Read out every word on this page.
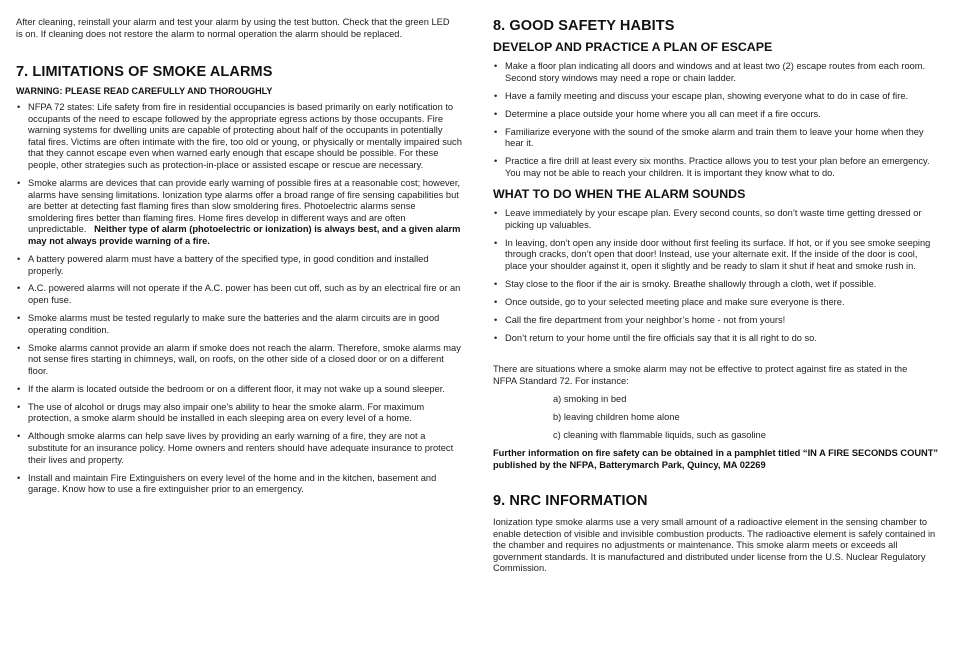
After cleaning, reinstall your alarm and test your alarm by using the test button. Check that the green LED is on. If cleaning does not restore the alarm to normal operation the alarm should be replaced.

7. LIMITATIONS OF SMOKE ALARMS
WARNING: PLEASE READ CAREFULLY AND THOROUGHLY
• NFPA 72 states: Life safety from fire in residential occupancies is based primarily on early notification to occupants of the need to escape followed by the appropriate egress actions by those occupants. Fire warning systems for dwelling units are capable of protecting about half of the occupants in potentially fatal fires. Victims are often intimate with the fire, too old or young, or physically or mentally impaired such that they cannot escape even when warned early enough that escape should be possible. For these people, other strategies such as protection-in-place or assisted escape or rescue are necessary.
• Smoke alarms are devices that can provide early warning of possible fires at a reasonable cost; however, alarms have sensing limitations. Ionization type alarms offer a broad range of fire sensing capabilities but are better at detecting fast flaming fires than slow smoldering fires. Photoelectric alarms sense smoldering fires better than flaming fires. Home fires develop in different ways and are often unpredictable. Neither type of alarm (photoelectric or ionization) is always best, and a given alarm may not always provide warning of a fire.
• A battery powered alarm must have a battery of the specified type, in good condition and installed properly.
• A.C. powered alarms will not operate if the A.C. power has been cut off, such as by an electrical fire or an open fuse.
• Smoke alarms must be tested regularly to make sure the batteries and the alarm circuits are in good operating condition.
• Smoke alarms cannot provide an alarm if smoke does not reach the alarm. Therefore, smoke alarms may not sense fires starting in chimneys, wall, on roofs, on the other side of a closed door or on a different floor.
• If the alarm is located outside the bedroom or on a different floor, it may not wake up a sound sleeper.
• The use of alcohol or drugs may also impair one’s ability to hear the smoke alarm. For maximum protection, a smoke alarm should be installed in each sleeping area on every level of a home.
• Although smoke alarms can help save lives by providing an early warning of a fire, they are not a substitute for an insurance policy. Home owners and renters should have adequate insurance to protect their lives and property.
• Install and maintain Fire Extinguishers on every level of the home and in the kitchen, basement and garage. Know how to use a fire extinguisher prior to an emergency.
8. GOOD SAFETY HABITS
DEVELOP AND PRACTICE A PLAN OF ESCAPE
• Make a floor plan indicating all doors and windows and at least two (2) escape routes from each room. Second story windows may need a rope or chain ladder.
• Have a family meeting and discuss your escape plan, showing everyone what to do in case of fire.
• Determine a place outside your home where you all can meet if a fire occurs.
• Familiarize everyone with the sound of the smoke alarm and train them to leave your home when they hear it.
• Practice a fire drill at least every six months. Practice allows you to test your plan before an emergency. You may not be able to reach your children. It is important they know what to do.
WHAT TO DO WHEN THE ALARM SOUNDS
• Leave immediately by your escape plan. Every second counts, so don’t waste time getting dressed or picking up valuables.
• In leaving, don’t open any inside door without first feeling its surface. If hot, or if you see smoke seeping through cracks, don’t open that door! Instead, use your alternate exit. If the inside of the door is cool, place your shoulder against it, open it slightly and be ready to slam it shut if heat and smoke rush in.
• Stay close to the floor if the air is smoky. Breathe shallowly through a cloth, wet if possible.
• Once outside, go to your selected meeting place and make sure everyone is there.
• Call the fire department from your neighbor’s home - not from yours!
• Don’t return to your home until the fire officials say that it is all right to do so.

There are situations where a smoke alarm may not be effective to protect against fire as stated in the NFPA Standard 72. For instance:

a) smoking in bed

b) leaving children home alone

c) cleaning with flammable liquids, such as gasoline

Further information on fire safety can be obtained in a pamphlet titled “IN A FIRE SECONDS COUNT” published by the NFPA, Batterymarch Park, Quincy, MA 02269

9. NRC INFORMATION

Ionization type smoke alarms use a very small amount of a radioactive element in the sensing chamber to enable detection of visible and invisible combustion products. The radioactive element is safely contained in the chamber and requires no adjustments or maintenance. This smoke alarm meets or exceeds all government standards. It is manufactured and distributed under license from the U.S. Nuclear Regulatory Commission.
